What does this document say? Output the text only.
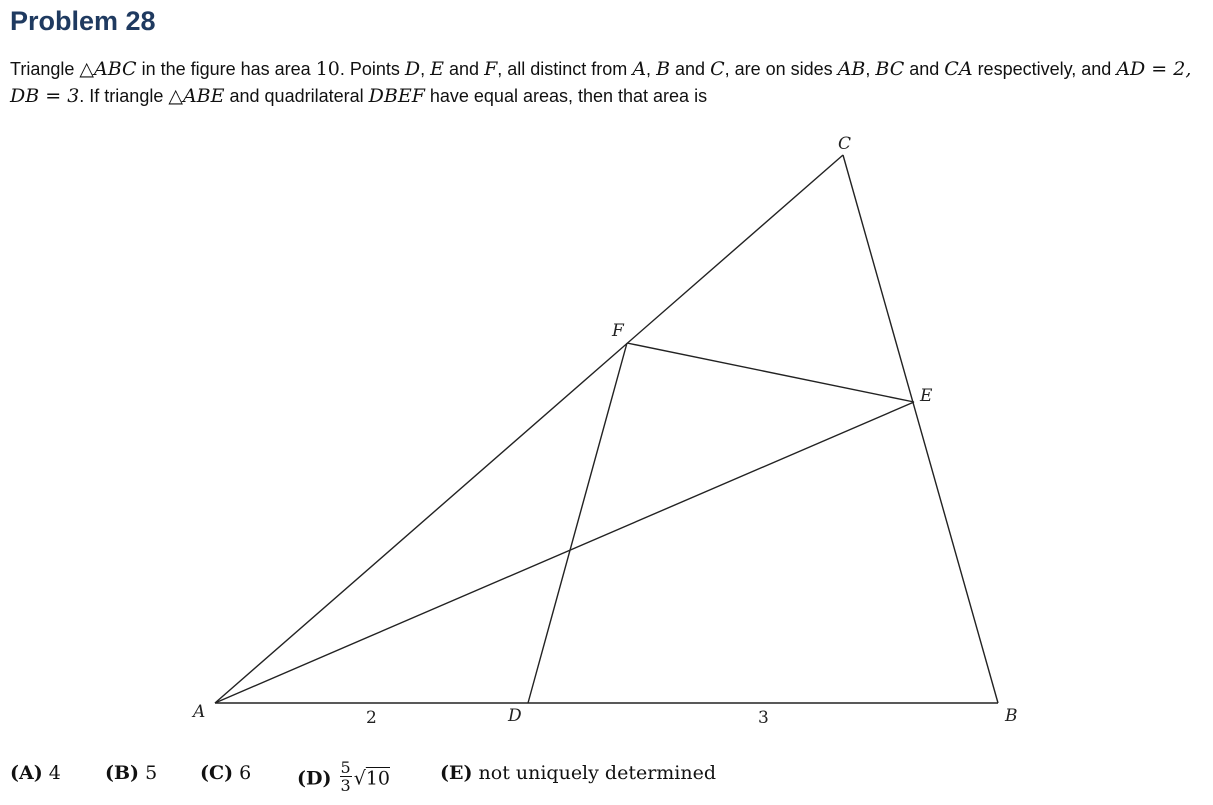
Problem 28
Triangle △ABC in the figure has area 10. Points D, E and F, all distinct from A, B and C, are on sides AB, BC and CA respectively, and AD = 2, DB = 3. If triangle △ABE and quadrilateral DBEF have equal areas, then that area is
A	B
C
D
E
F
2	3
(A) 4 (B) 5 (C) 6 $(D) \frac{5}{3} √10$	(E) not uniquely determined
